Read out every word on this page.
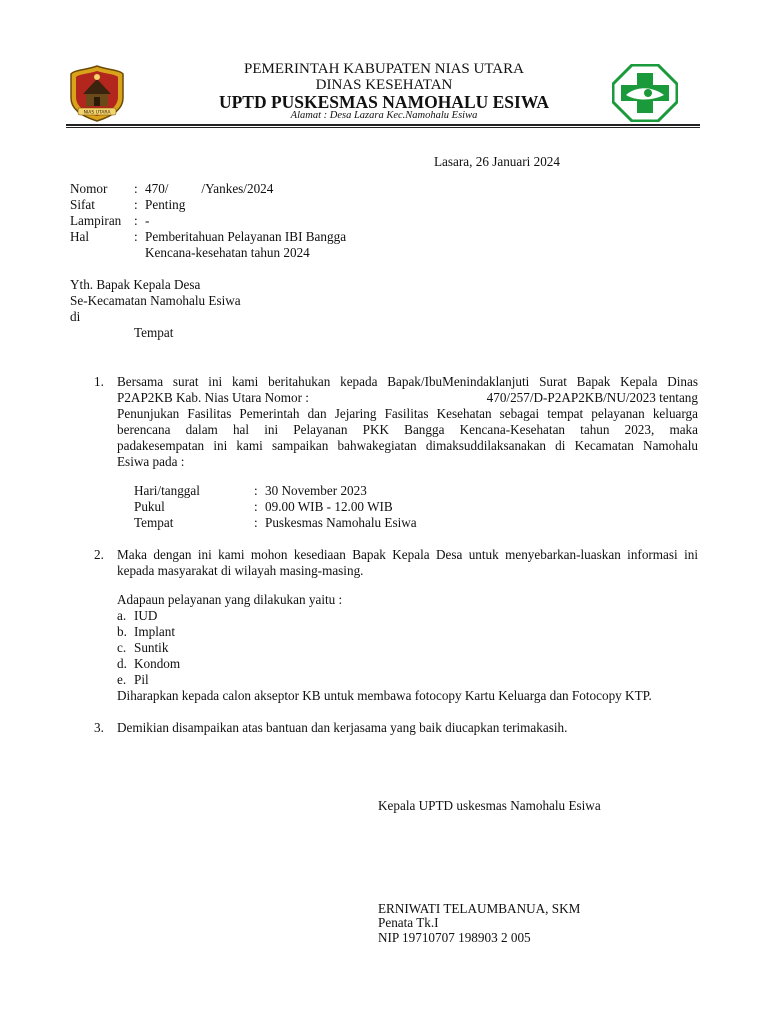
NIAS UTARA
PEMERINTAH KABUPATEN NIAS UTARA
DINAS KESEHATAN
UPTD PUSKESMAS NAMOHALU ESIWA
Alamat : Desa Lazara Kec.Namohalu Esiwa
Lasara, 26 Januari 2024
Nomor : 470/          /Yankes/2024
Sifat	: Penting
Lampiran : -
Hal	: Pemberitahuan Pelayanan IBI Bangga
Kencana-kesehatan tahun 2024
Yth. Bapak Kepala Desa
Se-Kecamatan Namohalu Esiwa
di
Tempat
1. Bersama surat ini kami beritahukan kepada Bapak/IbuMenindaklanjuti Surat Bapak Kepala Dinas
P2AP2KB Kab. Nias Utara Nomor :	470/257/D-P2AP2KB/NU/2023 tentang
Penunjukan Fasilitas Pemerintah dan Jejaring Fasilitas Kesehatan sebagai tempat pelayanan keluarga
berencana dalam hal ini Pelayanan PKK Bangga Kencana-Kesehatan tahun 2023, maka
padakesempatan ini kami sampaikan bahwakegiatan dimaksuddilaksanakan di Kecamatan Namohalu
Esiwa pada :
Hari/tanggal	: 30 November 2023
Pukul	: 09.00 WIB - 12.00 WIB
Tempat	: Puskesmas Namohalu Esiwa
2. Maka dengan ini kami mohon kesediaan Bapak Kepala Desa untuk menyebarkan-luaskan informasi ini
kepada masyarakat di wilayah masing-masing.
Adapaun pelayanan yang dilakukan yaitu :
a. IUD
b. Implant
c. Suntik
d. Kondom
e. Pil
Diharapkan kepada calon akseptor KB untuk membawa fotocopy Kartu Keluarga dan Fotocopy KTP.
3. Demikian disampaikan atas bantuan dan kerjasama yang baik diucapkan terimakasih.
Kepala UPTD uskesmas Namohalu Esiwa
ERNIWATI TELAUMBANUA, SKM
Penata Tk.I
NIP 19710707 198903 2 005
